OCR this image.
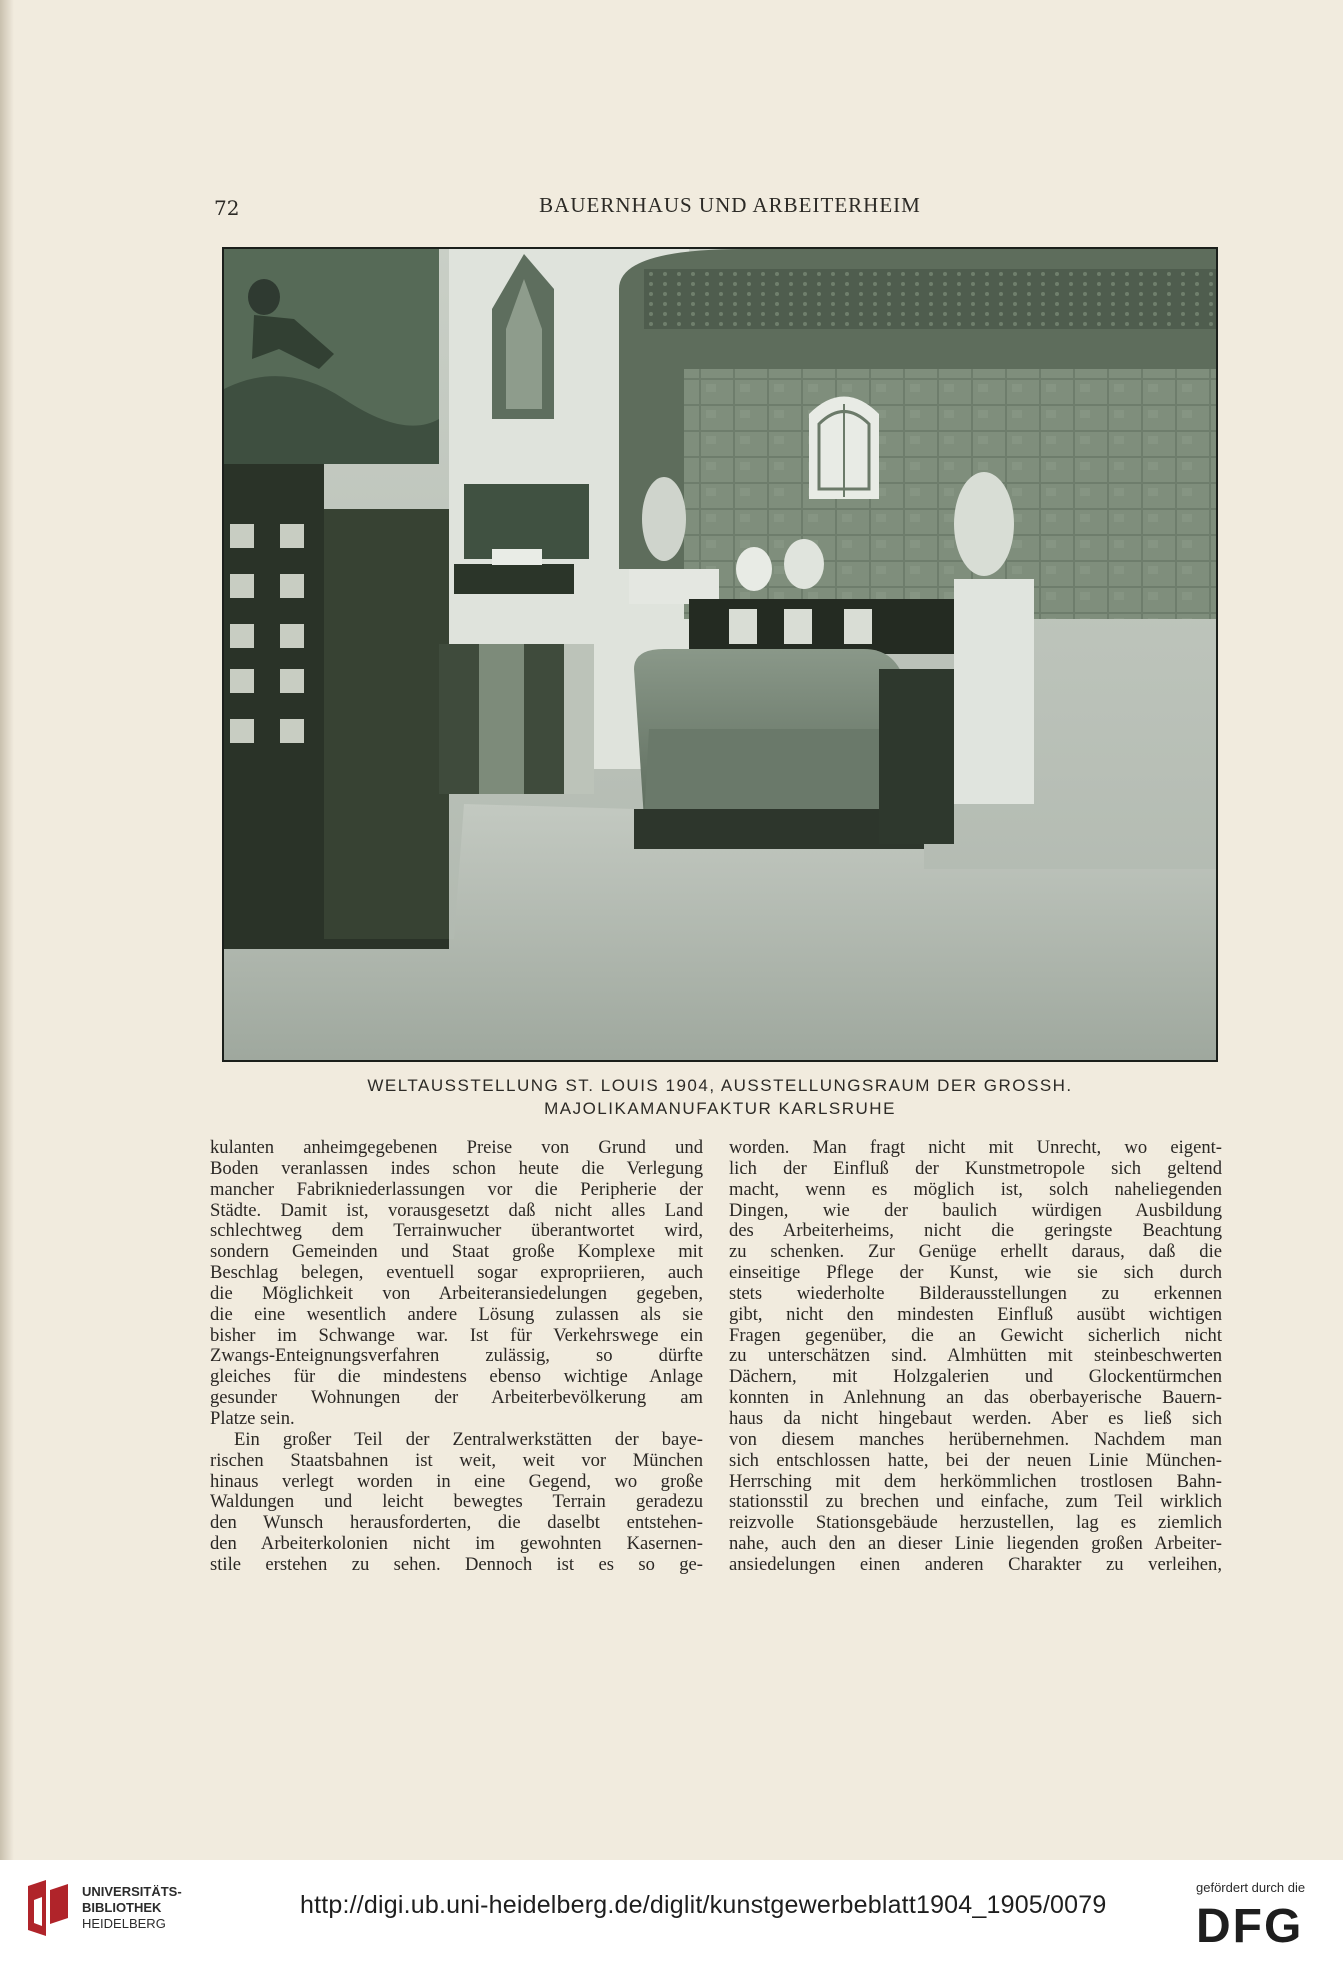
72	BAUERNHAUS UND ARBEITERHEIM
WELTAUSSTELLUNG ST. LOUIS 1904, AUSSTELLUNGSRAUM DER GROSSH.
MAJOLIKAMANUFAKTUR KARLSRUHE
kulanten anheimgegebenen Preise von Grund und
Boden veranlassen indes schon heute die Verlegung
mancher Fabrikniederlassungen vor die Peripherie der
Städte. Damit ist, vorausgesetzt daß nicht alles Land
schlechtweg dem Terrainwucher überantwortet wird,
sondern Gemeinden und Staat große Komplexe mit
Beschlag belegen, eventuell sogar expropriieren, auch
die Möglichkeit von Arbeiteransiedelungen gegeben,
die eine wesentlich andere Lösung zulassen als sie
bisher im Schwange war. Ist für Verkehrswege ein
Zwangs-Enteignungsverfahren zulässig, so dürfte
gleiches für die mindestens ebenso wichtige Anlage
gesunder Wohnungen der Arbeiterbevölkerung am
Platze sein.
Ein großer Teil der Zentralwerkstätten der baye-
rischen Staatsbahnen ist weit, weit vor München
hinaus verlegt worden in eine Gegend, wo große
Waldungen und leicht bewegtes Terrain geradezu
den Wunsch herausforderten, die daselbt entstehen-
den Arbeiterkolonien nicht im gewohnten Kasernen-
stile erstehen zu sehen. Dennoch ist es so ge-
worden. Man fragt nicht mit Unrecht, wo eigent-
lich der Einfluß der Kunstmetropole sich geltend
macht, wenn es möglich ist, solch naheliegenden
Dingen, wie der baulich würdigen Ausbildung
des Arbeiterheims, nicht die geringste Beachtung
zu schenken. Zur Genüge erhellt daraus, daß die
einseitige Pflege der Kunst, wie sie sich durch
stets wiederholte Bilderausstellungen zu erkennen
gibt, nicht den mindesten Einfluß ausübt wichtigen
Fragen gegenüber, die an Gewicht sicherlich nicht
zu unterschätzen sind. Almhütten mit steinbeschwerten
Dächern, mit Holzgalerien und Glockentürmchen
konnten in Anlehnung an das oberbayerische Bauern-
haus da nicht hingebaut werden. Aber es ließ sich
von diesem manches herübernehmen. Nachdem man
sich entschlossen hatte, bei der neuen Linie München-
Herrsching mit dem herkömmlichen trostlosen Bahn-
stationsstil zu brechen und einfache, zum Teil wirklich
reizvolle Stationsgebäude herzustellen, lag es ziemlich
nahe, auch den an dieser Linie liegenden großen Arbeiter-
ansiedelungen einen anderen Charakter zu verleihen,
UNIVERSITÄTS-
BIBLIOTHEK
HEIDELBERG
http://digi.ub.uni-heidelberg.de/diglit/kunstgewerbeblatt1904_1905/0079
gefördert durch die
DFG
